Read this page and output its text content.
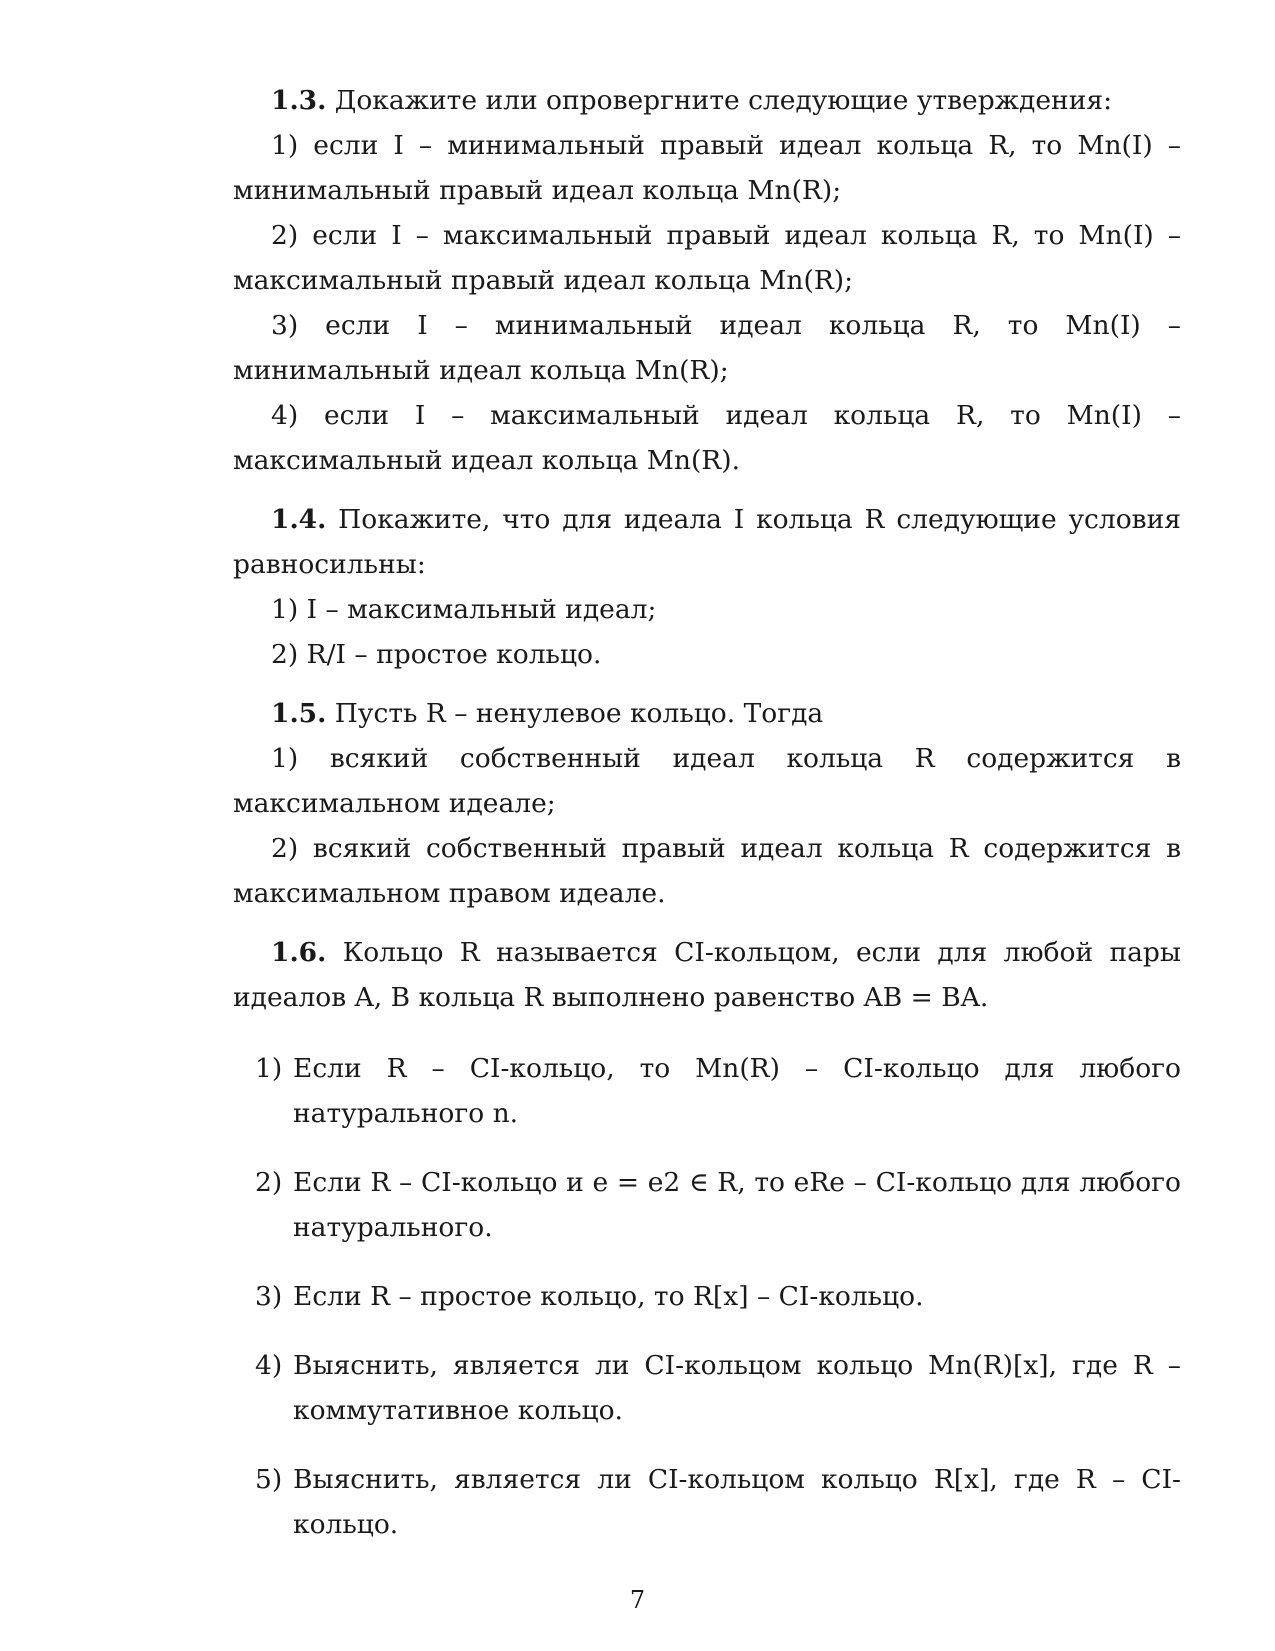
1.3. Докажите или опровергните следующие утверждения:

1) если I – минимальный правый идеал кольца R, то Mn(I) – минимальный правый идеал кольца Mn(R);

2) если I – максимальный правый идеал кольца R, то Mn(I) – максимальный правый идеал кольца Mn(R);

3) если I – минимальный идеал кольца R, то Mn(I) – минимальный идеал кольца Mn(R);

4) если I – максимальный идеал кольца R, то Mn(I) – максимальный идеал кольца Mn(R).

1.4. Покажите, что для идеала I кольца R следующие условия равносильны:

1) I – максимальный идеал;

2) R/I – простое кольцо.

1.5. Пусть R – ненулевое кольцо. Тогда

1) всякий собственный идеал кольца R содержится в максимальном идеале;

2) всякий собственный правый идеал кольца R содержится в максимальном правом идеале.

1.6. Кольцо R называется CI-кольцом, если для любой пары идеалов A, B кольца R выполнено равенство AB = BA.

1) Если R – CI-кольцо, то Mn(R) – CI-кольцо для любого натурального n.
2) Если R – CI-кольцо и e = e2 ∈ R, то eRe – CI-кольцо для любого натурального.
3) Если R – простое кольцо, то R[x] – CI-кольцо.
4) Выяснить, является ли CI-кольцом кольцо Mn(R)[x], где R – коммутативное кольцо.
5) Выяснить, является ли CI-кольцом кольцо R[x], где R – CI-кольцо.
7
